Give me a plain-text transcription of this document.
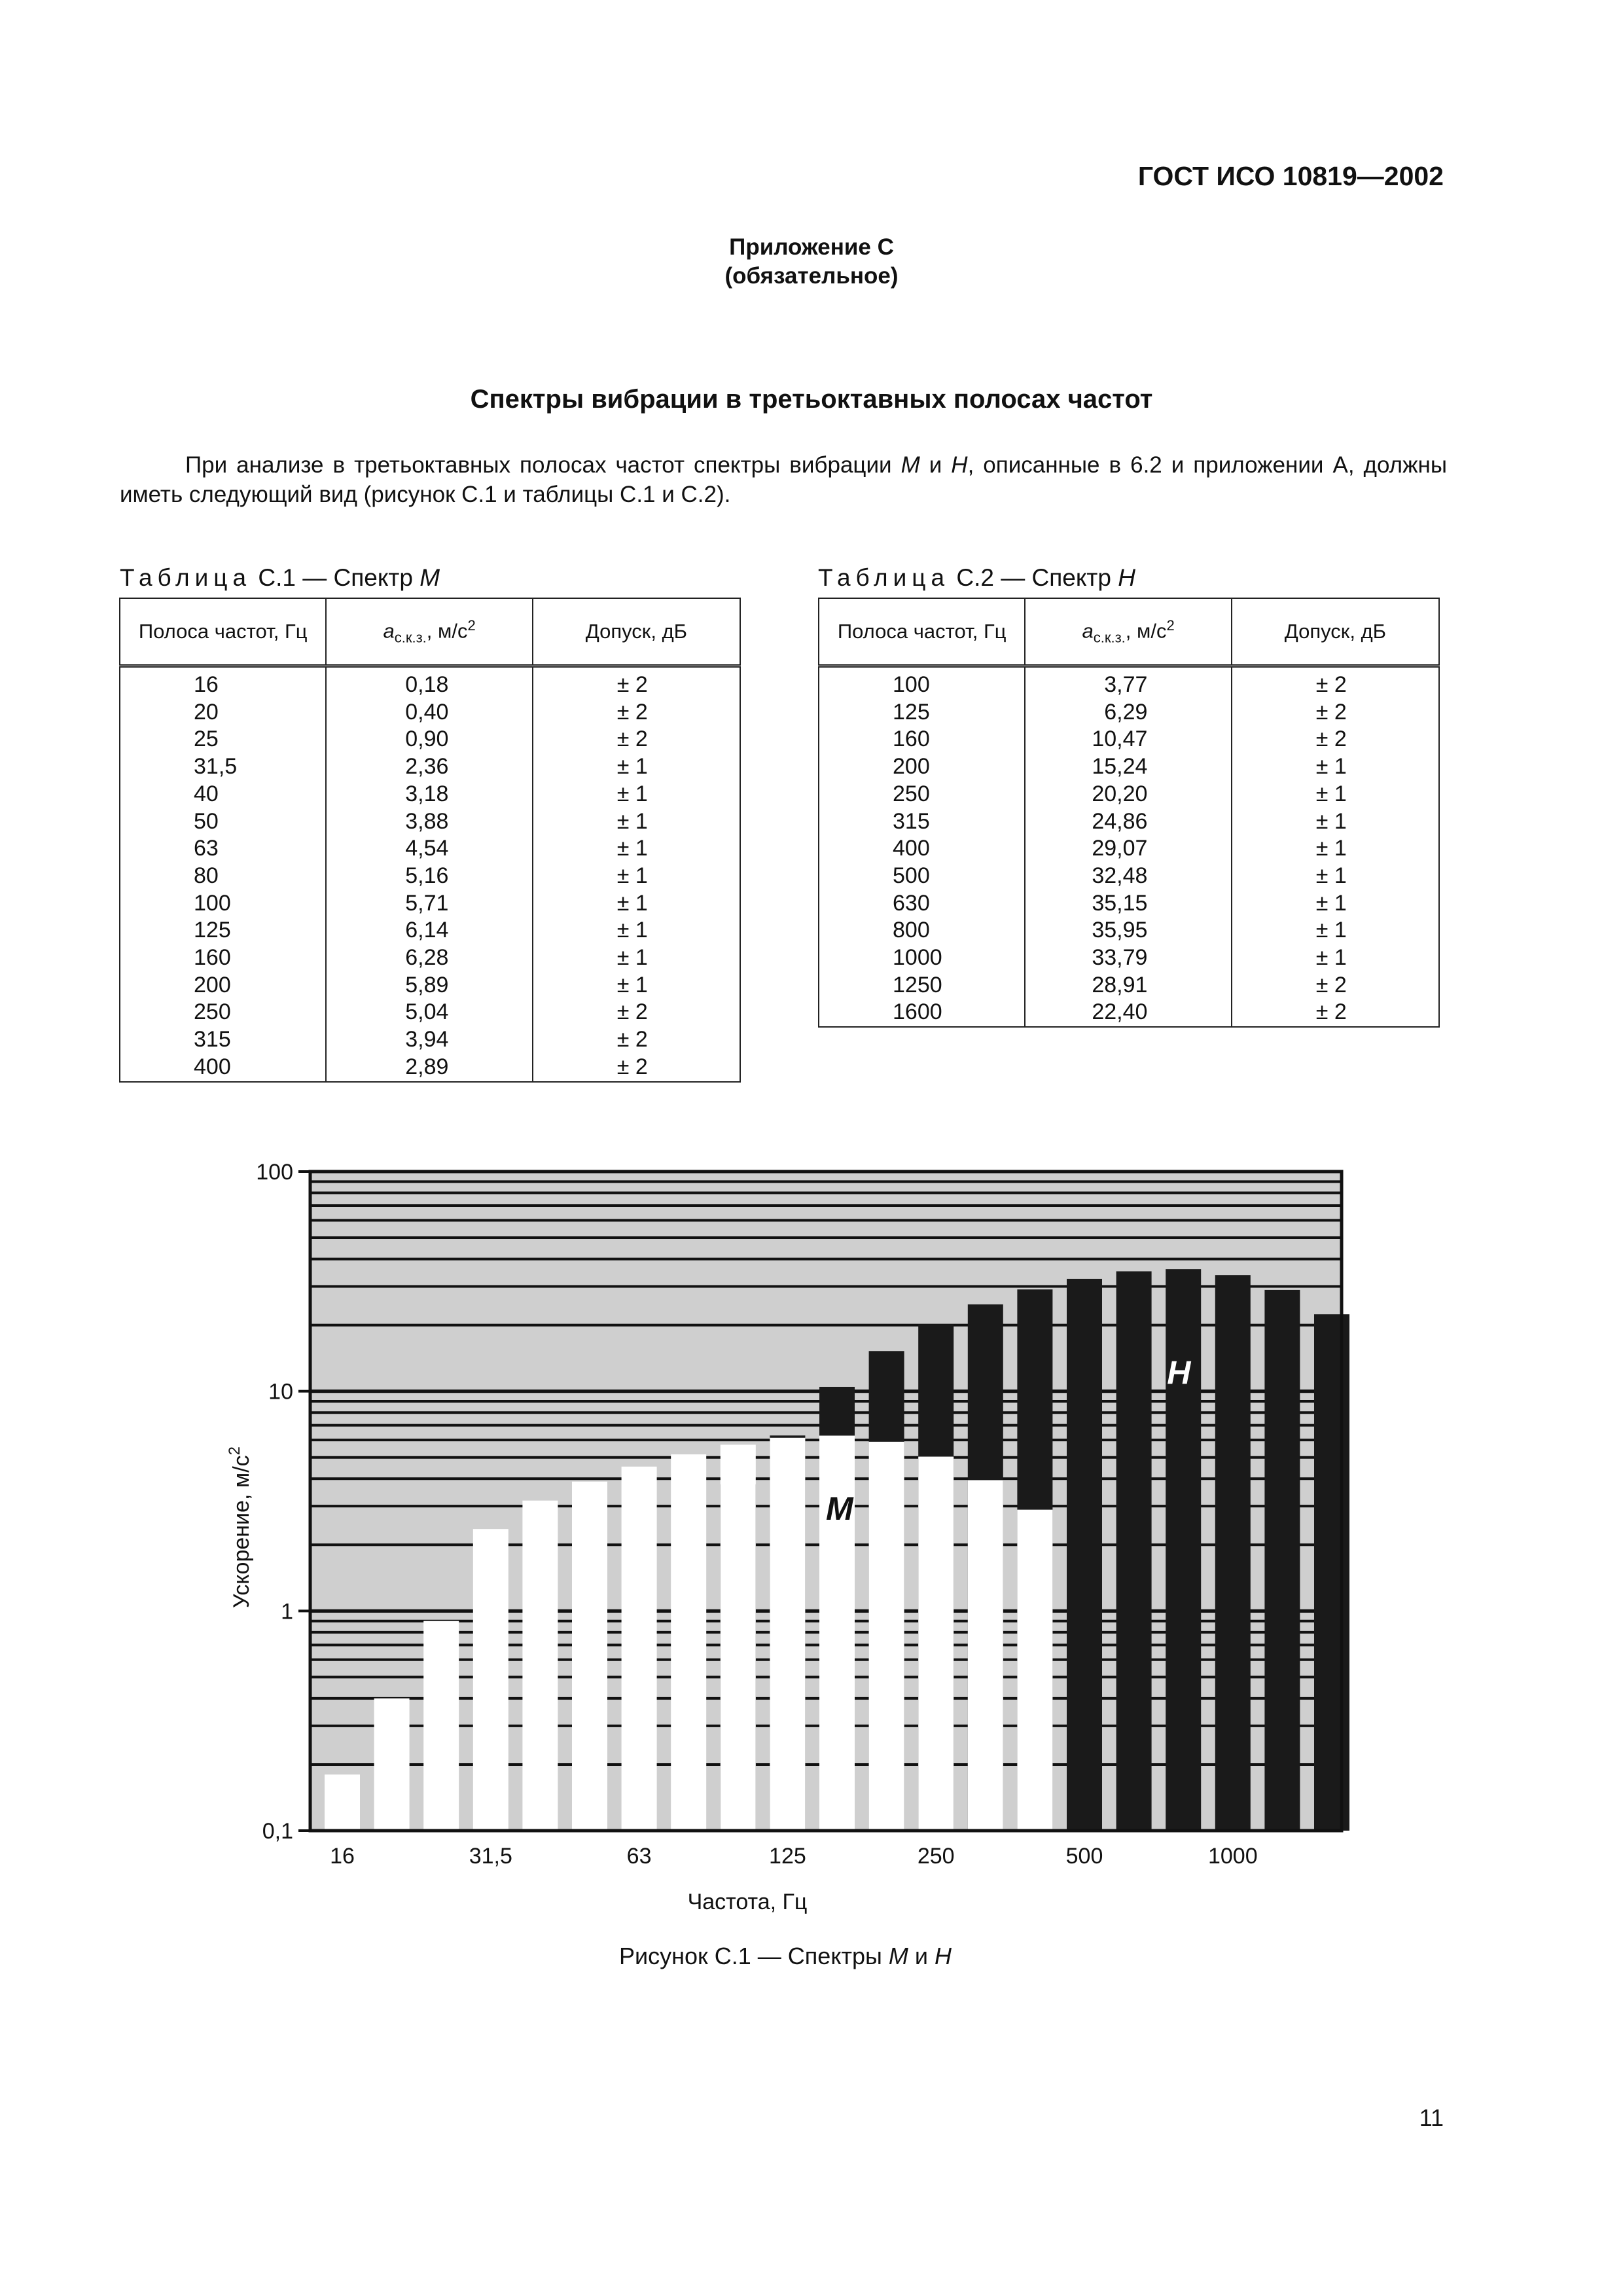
ГОСТ ИСО 10819—2002
Приложение С
(обязательное)
Спектры вибрации в третьоктавных полосах частот

При анализе в третьоктавных полосах частот спектры вибрации M и H, описанные в 6.2 и приложении А, должны иметь следующий вид (рисунок С.1 и таблицы С.1 и С.2).

Таблица С.1 — Спектр M
Полоса частот, Гц	$a_{с.к.з.}$, $м/с^2$	Допуск, дБ
16	0,18	± 2
20	0,40	± 2
25	0,90	± 2
31,5	2,36	± 1
40	3,18	± 1
50	3,88	± 1
63	4,54	± 1
80	5,16	± 1
100	5,71	± 1
125	6,14	± 1
160	6,28	± 1
200	5,89	± 1
250	5,04	± 2
315	3,94	± 2
400	2,89	± 2
Таблица С.2 — Спектр H
Полоса частот, Гц	$a_{с.к.з.}$, $м/с^2$	Допуск, дБ
100	3,77	± 2
125	6,29	± 2
160	10,47	± 2
200	15,24	± 1
250	20,20	± 1
315	24,86	± 1
400	29,07	± 1
500	32,48	± 1
630	35,15	± 1
800	35,95	± 1
1000	33,79	± 1
1250	28,91	± 2
1600	22,40	± 2
M
H
100
10
1
0,1
16	31,5	63	125	250	500	1000
Частота, Гц
Ускорение, $м/с^2$
Рисунок С.1 — Спектры M и H
11
